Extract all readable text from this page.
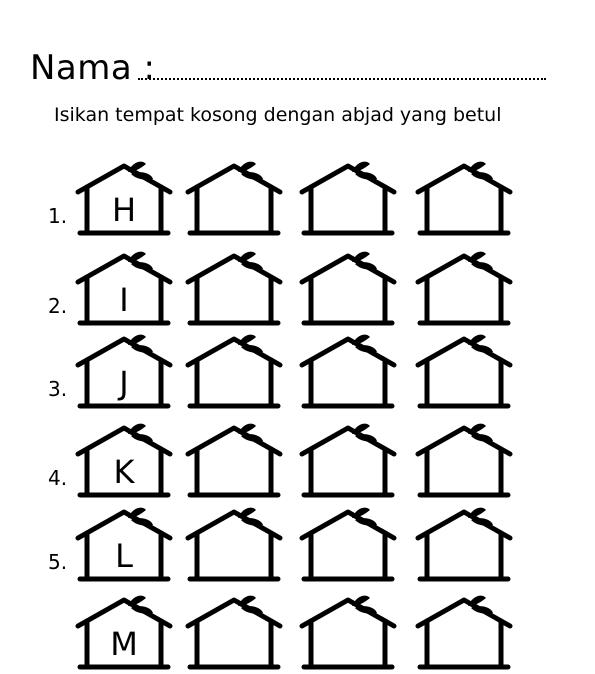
Nama :
Isikan tempat kosong dengan abjad yang betul
1.	H
2.	I
3.	J
4.	K
5.	L
M
